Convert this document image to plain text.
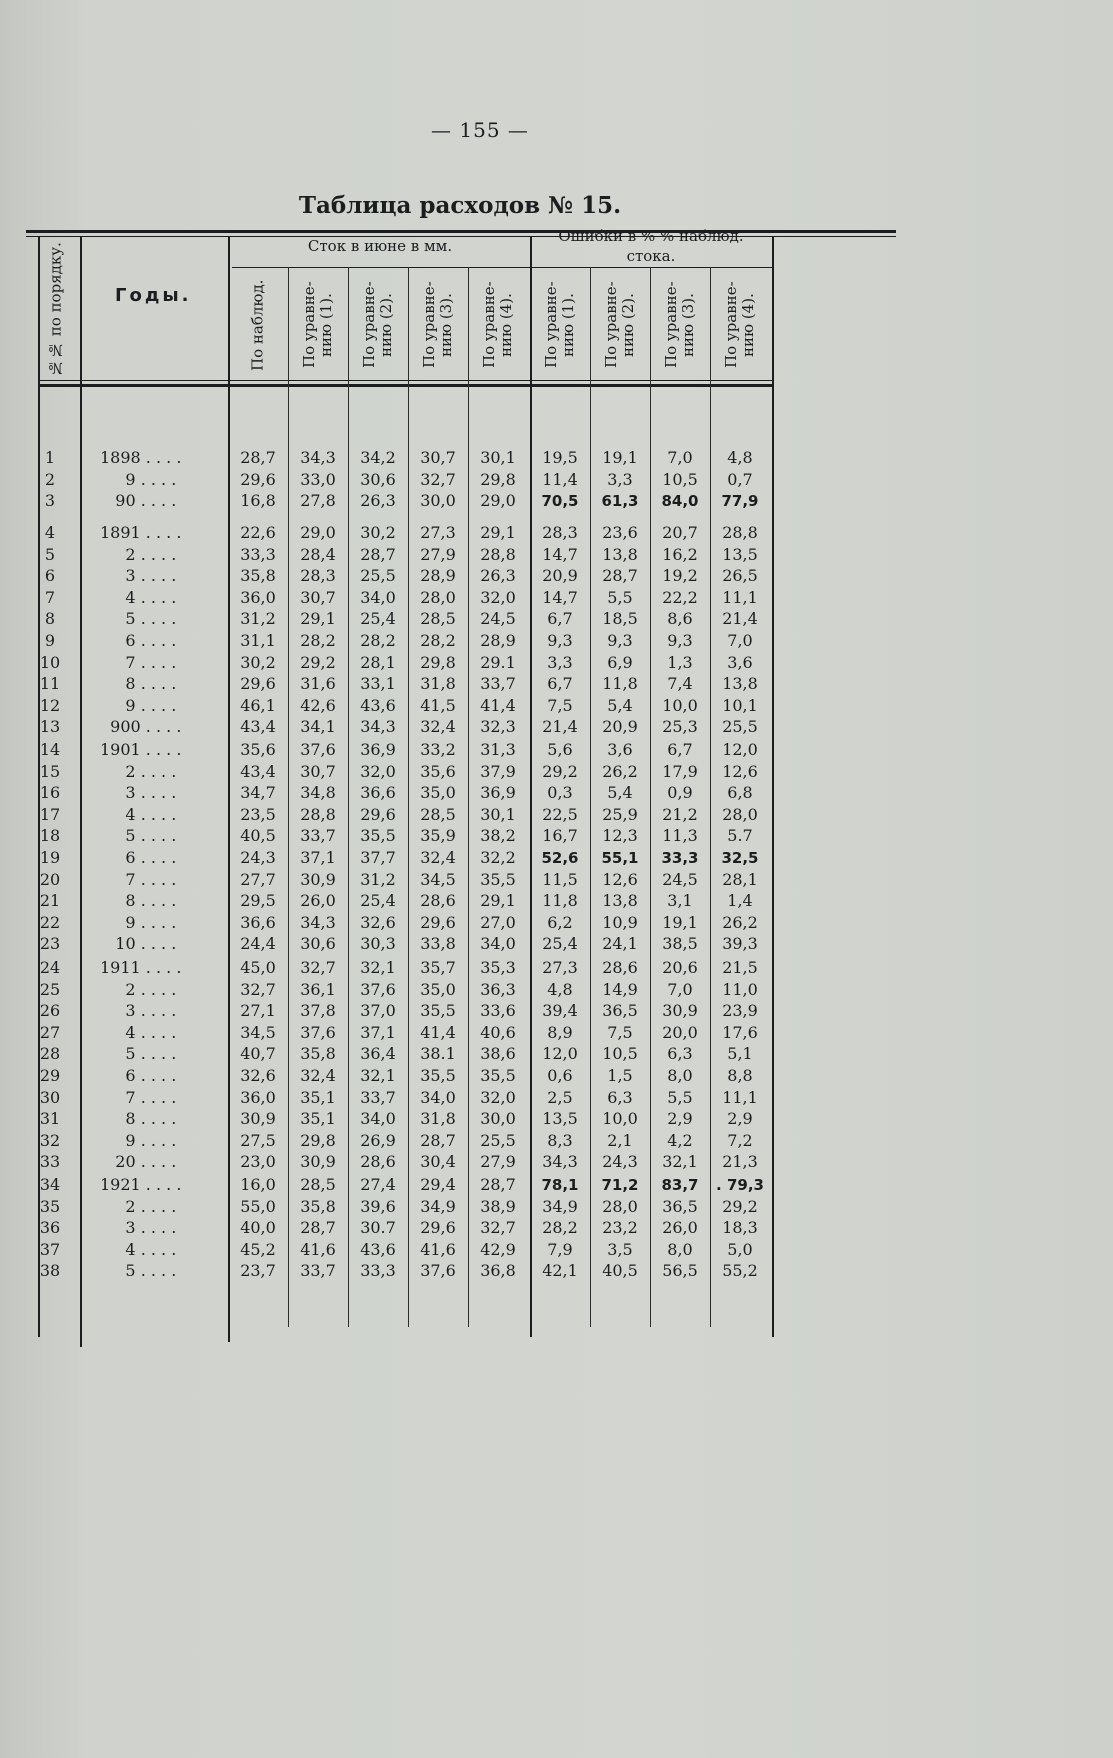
— 155 —
Таблица расходов № 15.
№№ по порядку.	Годы.
Сток в июне в мм.
Ошибки в % % наблюд. стока.
По наблюд.	По уравне- нию (1).	По уравне- нию (2).	По уравне- нию (3).	По уравне- нию (4).	По уравне- нию (1).	По уравне- нию (2).	По уравне- нию (3).	По уравне- нию (4).
1	1898 . . . .	28,7	34,3	34,2	30,7	30,1	19,5	19,1	7,0	4,8
2	9 . . . .	29,6	33,0	30,6	32,7	29,8	11,4	3,3	10,5	0,7
3	90 . . . .	16,8	27,8	26,3	30,0	29,0	70,5	61,3	84,0	77,9
4	1891 . . . .	22,6	29,0	30,2	27,3	29,1	28,3	23,6	20,7	28,8
5	2 . . . .	33,3	28,4	28,7	27,9	28,8	14,7	13,8	16,2	13,5
6	3 . . . .	35,8	28,3	25,5	28,9	26,3	20,9	28,7	19,2	26,5
7	4 . . . .	36,0	30,7	34,0	28,0	32,0	14,7	5,5	22,2	11,1
8	5 . . . .	31,2	29,1	25,4	28,5	24,5	6,7	18,5	8,6	21,4
9	6 . . . .	31,1	28,2	28,2	28,2	28,9	9,3	9,3	9,3	7,0
10	7 . . . .	30,2	29,2	28,1	29,8	29.1	3,3	6,9	1,3	3,6
11	8 . . . .	29,6	31,6	33,1	31,8	33,7	6,7	11,8	7,4	13,8
12	9 . . . .	46,1	42,6	43,6	41,5	41,4	7,5	5,4	10,0	10,1
13	900 . . . .	43,4	34,1	34,3	32,4	32,3	21,4	20,9	25,3	25,5
14	1901 . . . .	35,6	37,6	36,9	33,2	31,3	5,6	3,6	6,7	12,0
15	2 . . . .	43,4	30,7	32,0	35,6	37,9	29,2	26,2	17,9	12,6
16	3 . . . .	34,7	34,8	36,6	35,0	36,9	0,3	5,4	0,9	6,8
17	4 . . . .	23,5	28,8	29,6	28,5	30,1	22,5	25,9	21,2	28,0
18	5 . . . .	40,5	33,7	35,5	35,9	38,2	16,7	12,3	11,3	5.7
19	6 . . . .	24,3	37,1	37,7	32,4	32,2	52,6	55,1	33,3	32,5
20	7 . . . .	27,7	30,9	31,2	34,5	35,5	11,5	12,6	24,5	28,1
21	8 . . . .	29,5	26,0	25,4	28,6	29,1	11,8	13,8	3,1	1,4
22	9 . . . .	36,6	34,3	32,6	29,6	27,0	6,2	10,9	19,1	26,2
23	10 . . . .	24,4	30,6	30,3	33,8	34,0	25,4	24,1	38,5	39,3
24	1911 . . . .	45,0	32,7	32,1	35,7	35,3	27,3	28,6	20,6	21,5
25	2 . . . .	32,7	36,1	37,6	35,0	36,3	4,8	14,9	7,0	11,0
26	3 . . . .	27,1	37,8	37,0	35,5	33,6	39,4	36,5	30,9	23,9
27	4 . . . .	34,5	37,6	37,1	41,4	40,6	8,9	7,5	20,0	17,6
28	5 . . . .	40,7	35,8	36,4	38.1	38,6	12,0	10,5	6,3	5,1
29	6 . . . .	32,6	32,4	32,1	35,5	35,5	0,6	1,5	8,0	8,8
30	7 . . . .	36,0	35,1	33,7	34,0	32,0	2,5	6,3	5,5	11,1
31	8 . . . .	30,9	35,1	34,0	31,8	30,0	13,5	10,0	2,9	2,9
32	9 . . . .	27,5	29,8	26,9	28,7	25,5	8,3	2,1	4,2	7,2
33	20 . . . .	23,0	30,9	28,6	30,4	27,9	34,3	24,3	32,1	21,3
34	1921 . . . .	16,0	28,5	27,4	29,4	28,7	78,1	71,2	83,7	. 79,3
35	2 . . . .	55,0	35,8	39,6	34,9	38,9	34,9	28,0	36,5	29,2
36	3 . . . .	40,0	28,7	30.7	29,6	32,7	28,2	23,2	26,0	18,3
37	4 . . . .	45,2	41,6	43,6	41,6	42,9	7,9	3,5	8,0	5,0
38	5 . . . .	23,7	33,7	33,3	37,6	36,8	42,1	40,5	56,5	55,2
